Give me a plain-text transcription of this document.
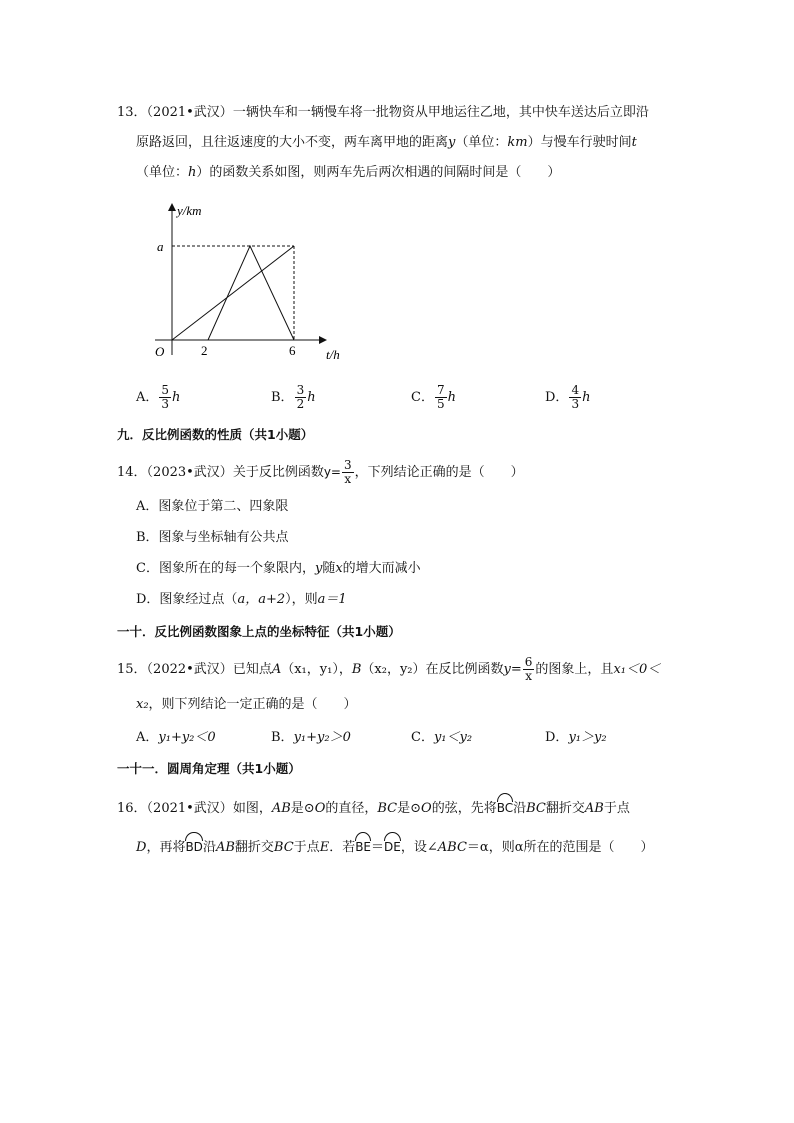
13．（2021•武汉）一辆快车和一辆慢车将一批物资从甲地运往乙地，其中快车送达后立即沿
原路返回，且往返速度的大小不变，两车离甲地的距离y（单位：km）与慢车行驶时间t
（单位：h）的函数关系如图，则两车先后两次相遇的间隔时间是（　　）
y/km
a
O	2	6 t/h
A． $\frac{5}{3}$ h	B． $\frac{3}{2}$ h	C． $\frac{7}{5}$ h	D． $\frac{4}{3}$ h
九．反比例函数的性质（共1小题）
14．（2023•武汉）关于反比例函数$y= \frac{3}{x}$ ，下列结论正确的是（　　）
A．图象位于第二、四象限
B．图象与坐标轴有公共点
C．图象所在的每一个象限内，y随x的增大而减小
D．图象经过点（a，a+2），则a＝1
一十．反比例函数图象上点的坐标特征（共1小题）
15．（2022•武汉）已知点A（x₁，y₁），B（x₂，y₂）在反比例函数$y= \frac{6}{x}$ 的图象上，且x₁＜0＜
x₂，则下列结论一定正确的是（　　）
A．y₁+y₂＜0	B．y₁+y₂＞0	C．y₁＜y₂	D．y₁＞y₂
一十一．圆周角定理（共1小题）
16．（2021•武汉）如图，AB是⊙O的直径，BC是⊙O的弦，先将BC沿BC翻折交AB于点
D，再将BD沿AB翻折交BC于点E．若BE＝DE，设∠ABC＝α，则α所在的范围是（　　）
